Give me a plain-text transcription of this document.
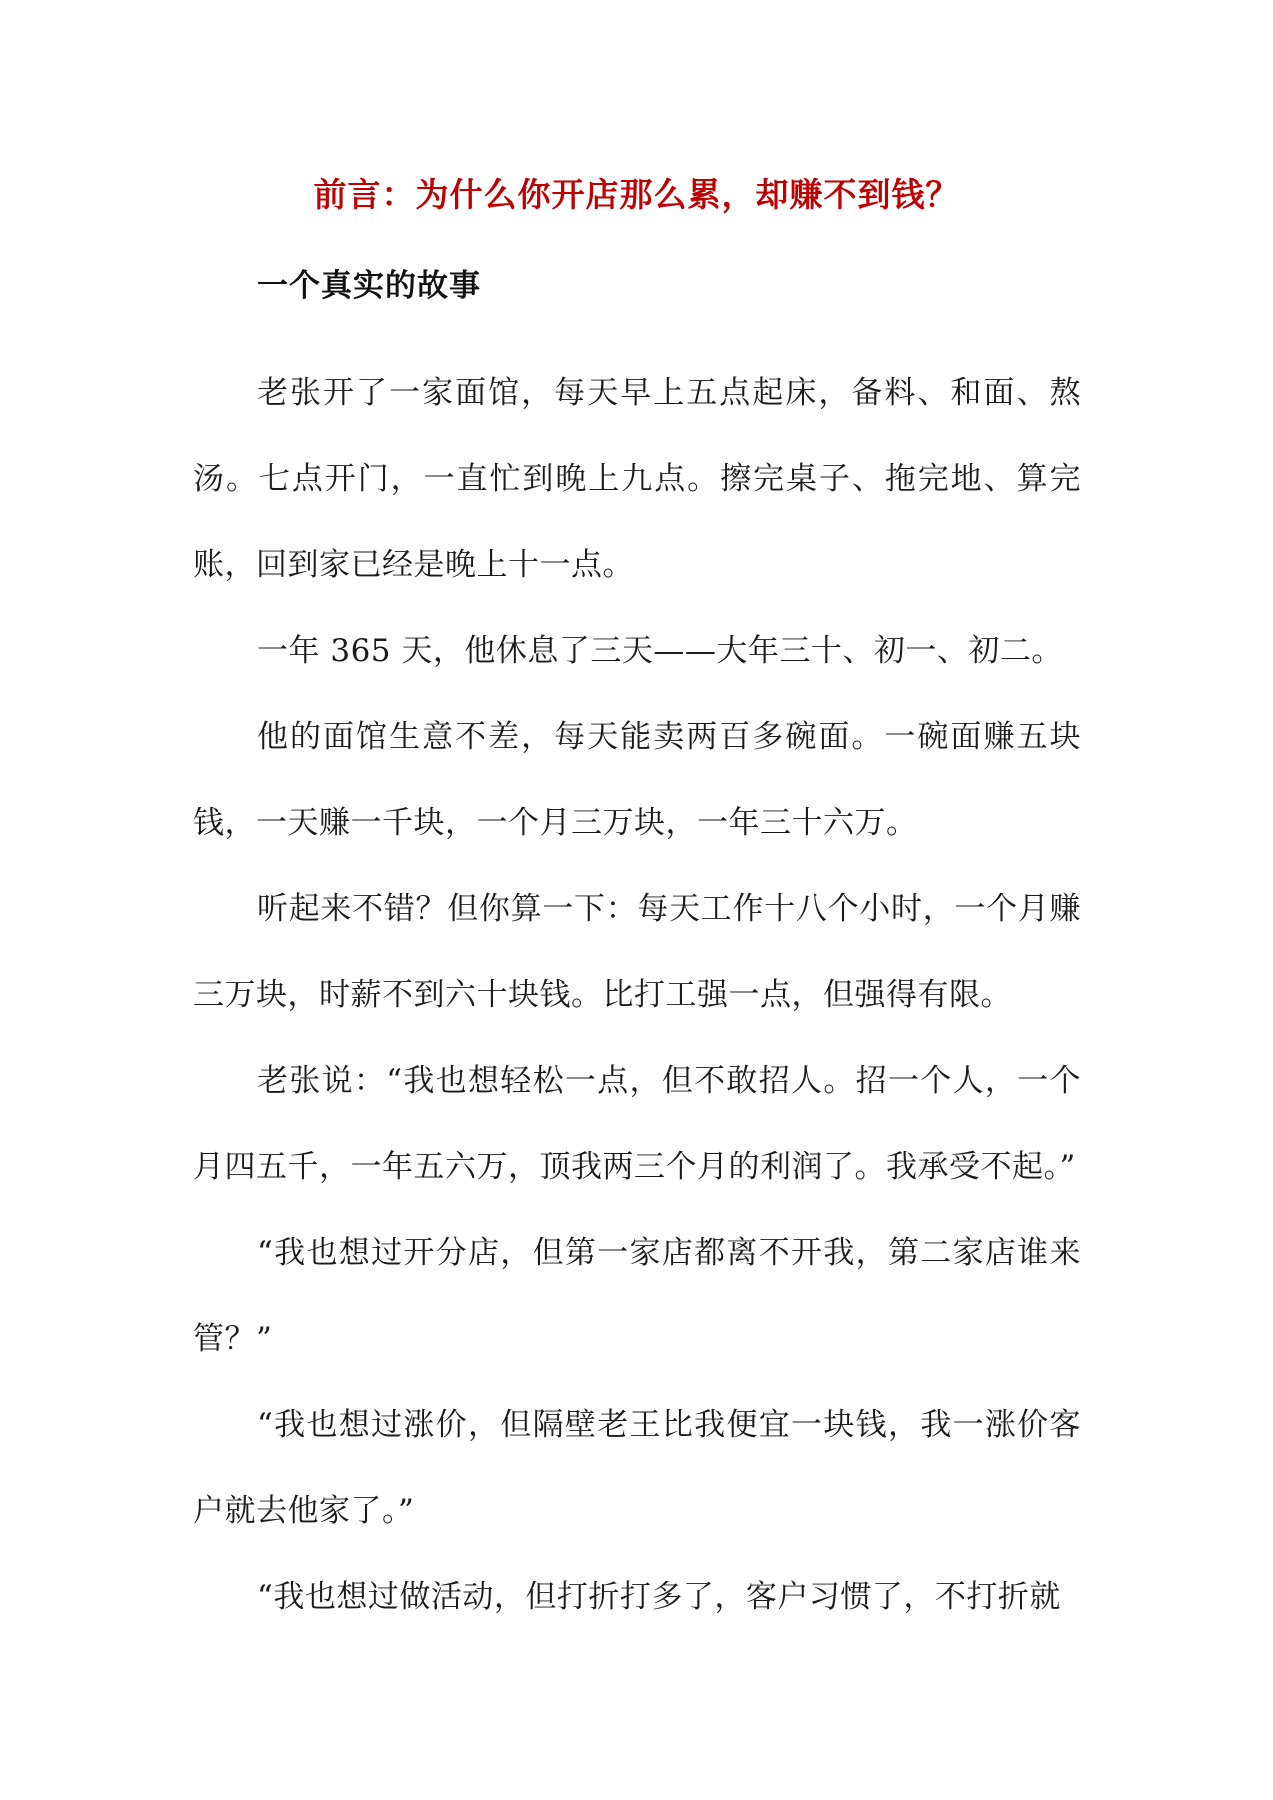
前言：为什么你开店那么累，却赚不到钱？
一个真实的故事

老张开了一家面馆，每天早上五点起床，备料、和面、熬汤。七点开门，一直忙到晚上九点。擦完桌子、拖完地、算完账，回到家已经是晚上十一点。

一年 365 天，他休息了三天——大年三十、初一、初二。

他的面馆生意不差，每天能卖两百多碗面。一碗面赚五块钱，一天赚一千块，一个月三万块，一年三十六万。

听起来不错？但你算一下：每天工作十八个小时，一个月赚三万块，时薪不到六十块钱。比打工强一点，但强得有限。

老张说：“我也想轻松一点，但不敢招人。招一个人，一个月四五千，一年五六万，顶我两三个月的利润了。我承受不起。”

“我也想过开分店，但第一家店都离不开我，第二家店谁来管？”

“我也想过涨价，但隔壁老王比我便宜一块钱，我一涨价客户就去他家了。”

“我也想过做活动，但打折打多了，客户习惯了，不打折就
